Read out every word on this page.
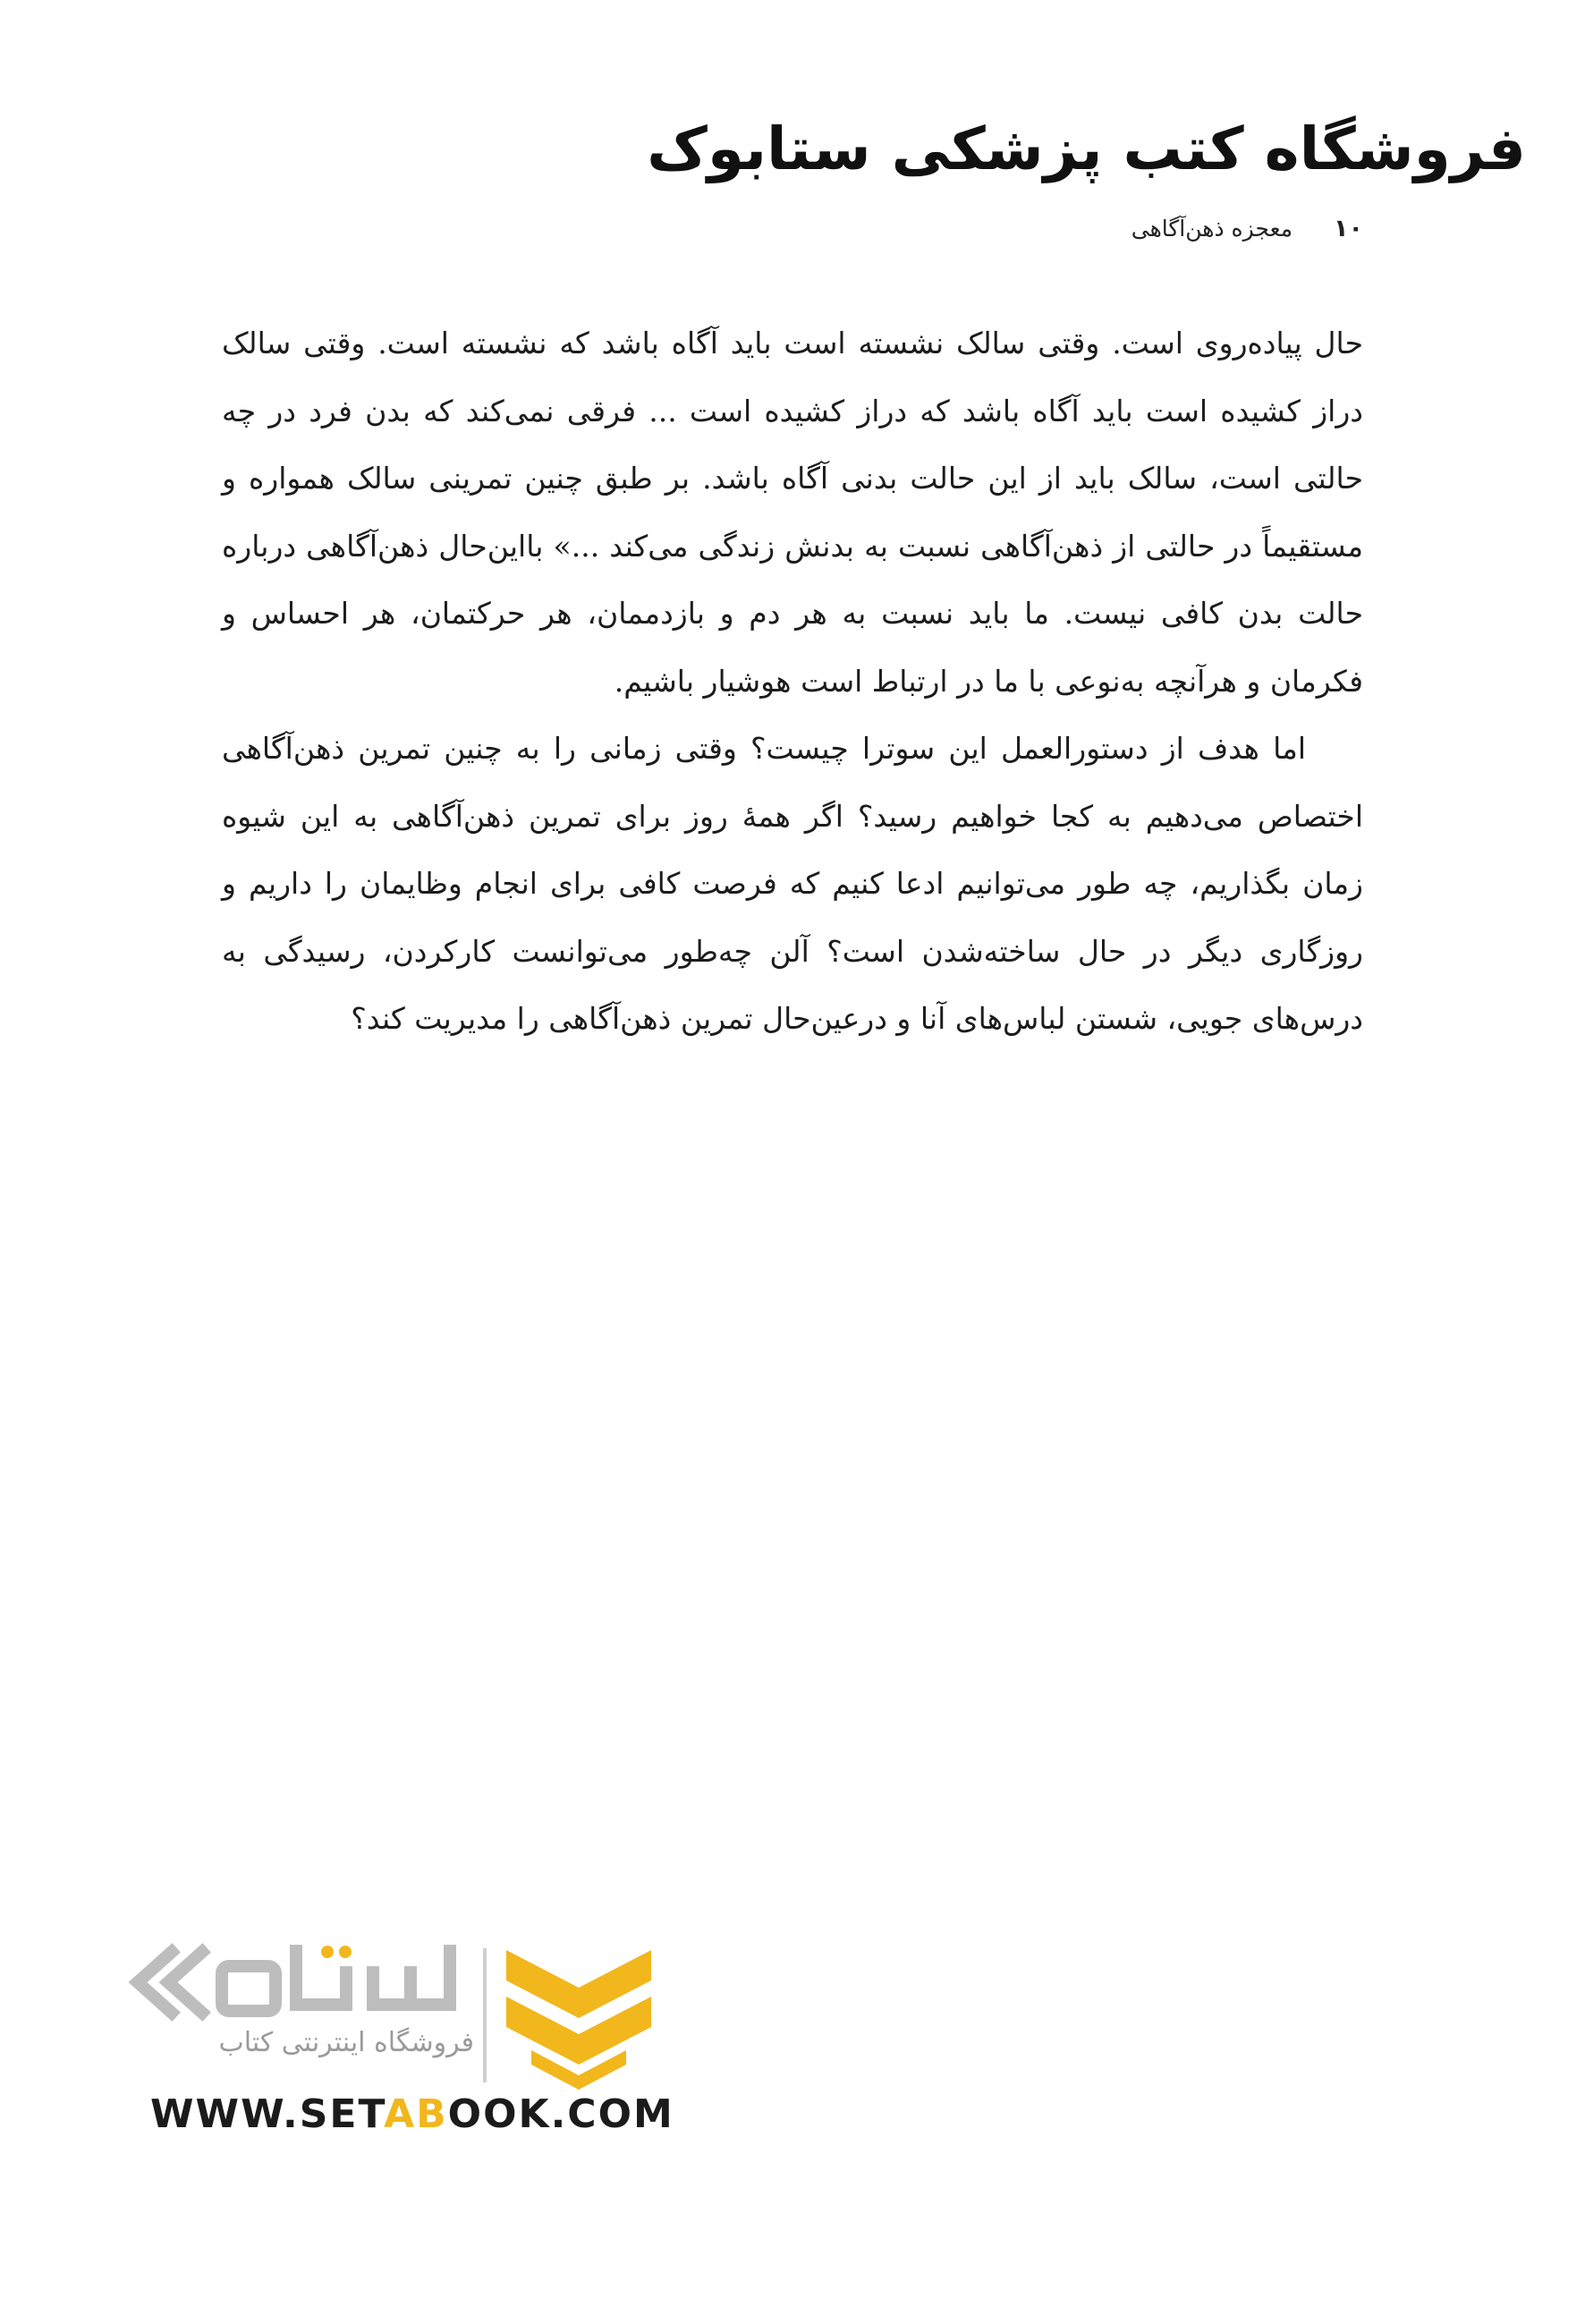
فروشگاه کتب پزشکی ستابوک
۱۰
معجزه ذهن‌آگاهی

حال پیاده‌روی است. وقتی سالک نشسته است باید آگاه باشد که نشسته است. وقتی سالک دراز کشیده است باید آگاه باشد که دراز کشیده است ... فرقی نمی‌کند که بدن فرد در چه حالتی است، سالک باید از این حالت بدنی آگاه باشد. بر طبق چنین تمرینی سالک همواره و مستقیماً در حالتی از ذهن‌آگاهی نسبت به بدنش زندگی می‌کند ...» بااین‌حال ذهن‌آگاهی درباره حالت بدن کافی نیست. ما باید نسبت به هر دم و بازدممان، هر حرکتمان، هر احساس و فکرمان و هرآنچه به‌نوعی با ما در ارتباط است هوشیار باشیم.

اما هدف از دستورالعمل این سوترا چیست؟ وقتی زمانی را به چنین تمرین ذهن‌آگاهی اختصاص می‌دهیم به کجا خواهیم رسید؟ اگر همهٔ روز برای تمرین ذهن‌آگاهی به این شیوه زمان بگذاریم، چه طور می‌توانیم ادعا کنیم که فرصت کافی برای انجام وظایمان را داریم و روزگاری دیگر در حال ساخته‌شدن است؟ آلن چه‌طور می‌توانست کارکردن، رسیدگی به درس‌های جویی، شستن لباس‌های آنا و درعین‌حال تمرین ذهن‌آگاهی را مدیریت کند؟

فروشگاه اینترنتی کتاب
WWW.SETABOOK.COM
